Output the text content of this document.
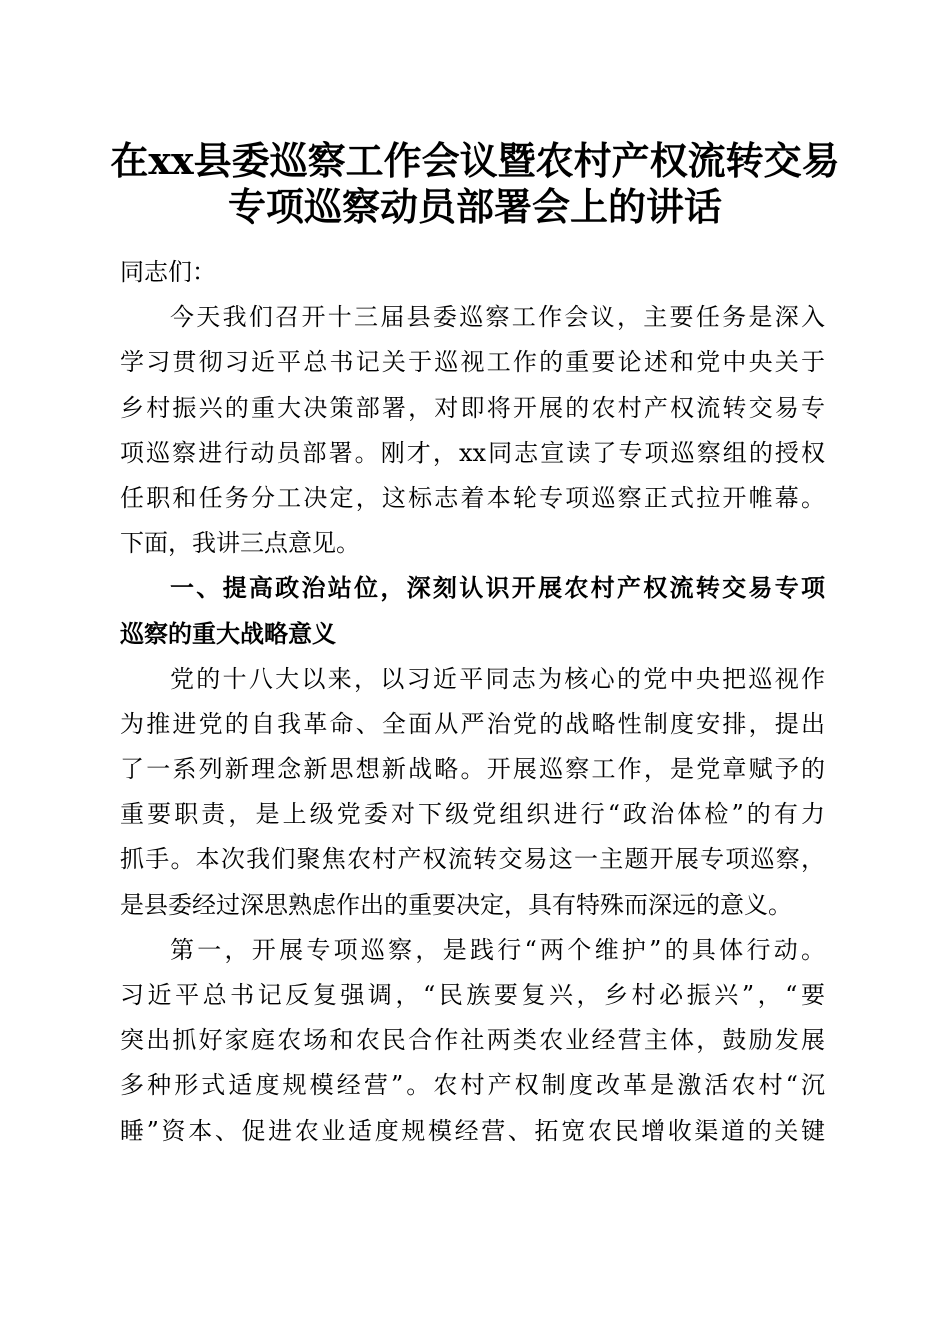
在xx县委巡察工作会议暨农村产权流转交易
专项巡察动员部署会上的讲话
同志们：
今天我们召开十三届县委巡察工作会议，主要任务是深入
学习贯彻习近平总书记关于巡视工作的重要论述和党中央关于
乡村振兴的重大决策部署，对即将开展的农村产权流转交易专
项巡察进行动员部署。刚才，xx同志宣读了专项巡察组的授权
任职和任务分工决定，这标志着本轮专项巡察正式拉开帷幕。
下面，我讲三点意见。
一、提高政治站位，深刻认识开展农村产权流转交易专项
巡察的重大战略意义
党的十八大以来，以习近平同志为核心的党中央把巡视作
为推进党的自我革命、全面从严治党的战略性制度安排，提出
了一系列新理念新思想新战略。开展巡察工作，是党章赋予的
重要职责，是上级党委对下级党组织进行“政治体检”的有力
抓手。本次我们聚焦农村产权流转交易这一主题开展专项巡察，
是县委经过深思熟虑作出的重要决定，具有特殊而深远的意义。
第一，开展专项巡察，是践行“两个维护”的具体行动。
习近平总书记反复强调，“民族要复兴，乡村必振兴”，“要
突出抓好家庭农场和农民合作社两类农业经营主体，鼓励发展
多种形式适度规模经营”。农村产权制度改革是激活农村“沉
睡”资本、促进农业适度规模经营、拓宽农民增收渠道的关键
